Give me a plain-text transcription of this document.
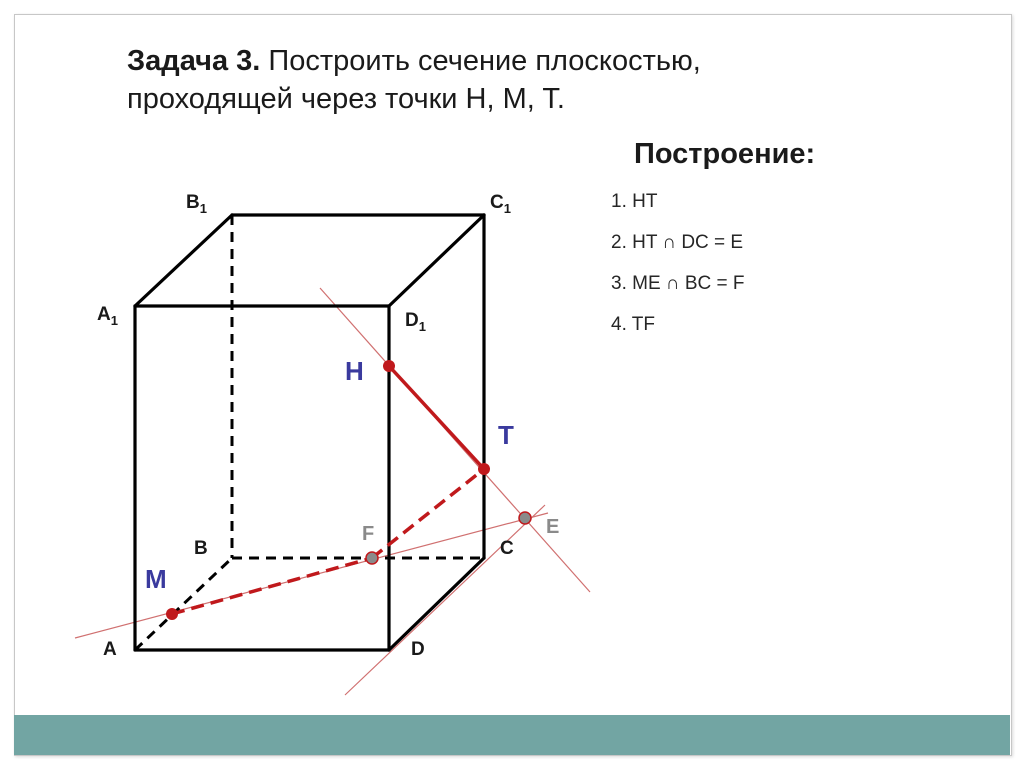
Задача 3. Построить сечение плоскостью,
проходящей через точки H, M, T.
Построение:
1. HT
2. HT ∩ DC = E
3. ME ∩ BC = F
4. TF
$B_1$	$C_1$
$A_1$	$D_1$
B	C
A	D
H
T
M
F	E
